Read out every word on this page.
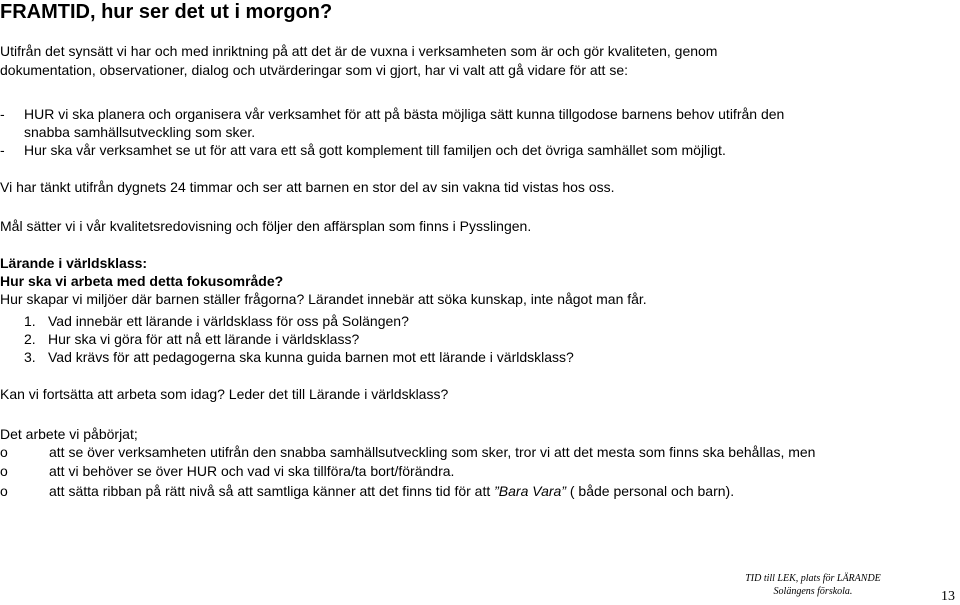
FRAMTID, hur ser det ut i morgon?
Utifrån det synsätt vi har och med inriktning på att det är de vuxna i verksamheten som är och gör kvaliteten, genom
dokumentation, observationer, dialog och utvärderingar som vi gjort, har vi valt att gå vidare för att se:
- HUR vi ska planera och organisera vår verksamhet för att på bästa möjliga sätt kunna tillgodose barnens behov utifrån den
snabba samhällsutveckling som sker.
- Hur ska vår verksamhet se ut för att vara ett så gott komplement till familjen och det övriga samhället som möjligt.
Vi har tänkt utifrån dygnets 24 timmar och ser att barnen en stor del av sin vakna tid vistas hos oss.
Mål sätter vi i vår kvalitetsredovisning och följer den affärsplan som finns i Pysslingen.
Lärande i världsklass:
Hur ska vi arbeta med detta fokusområde?
Hur skapar vi miljöer där barnen ställer frågorna? Lärandet innebär att söka kunskap, inte något man får.
1. Vad innebär ett lärande i världsklass för oss på Solängen?
2. Hur ska vi göra för att nå ett lärande i världsklass?
3. Vad krävs för att pedagogerna ska kunna guida barnen mot ett lärande i världsklass?
Kan vi fortsätta att arbeta som idag? Leder det till Lärande i världsklass?
Det arbete vi påbörjat;
o	att se över verksamheten utifrån den snabba samhällsutveckling som sker, tror vi att det mesta som finns ska behållas, men
o	att vi behöver se över HUR och vad vi ska tillföra/ta bort/förändra.
o	att sätta ribban på rätt nivå så att samtliga känner att det finns tid för att ”Bara Vara” ( både personal och barn).
TID till LEK, plats för LÄRANDE
Solängens förskola.	13
